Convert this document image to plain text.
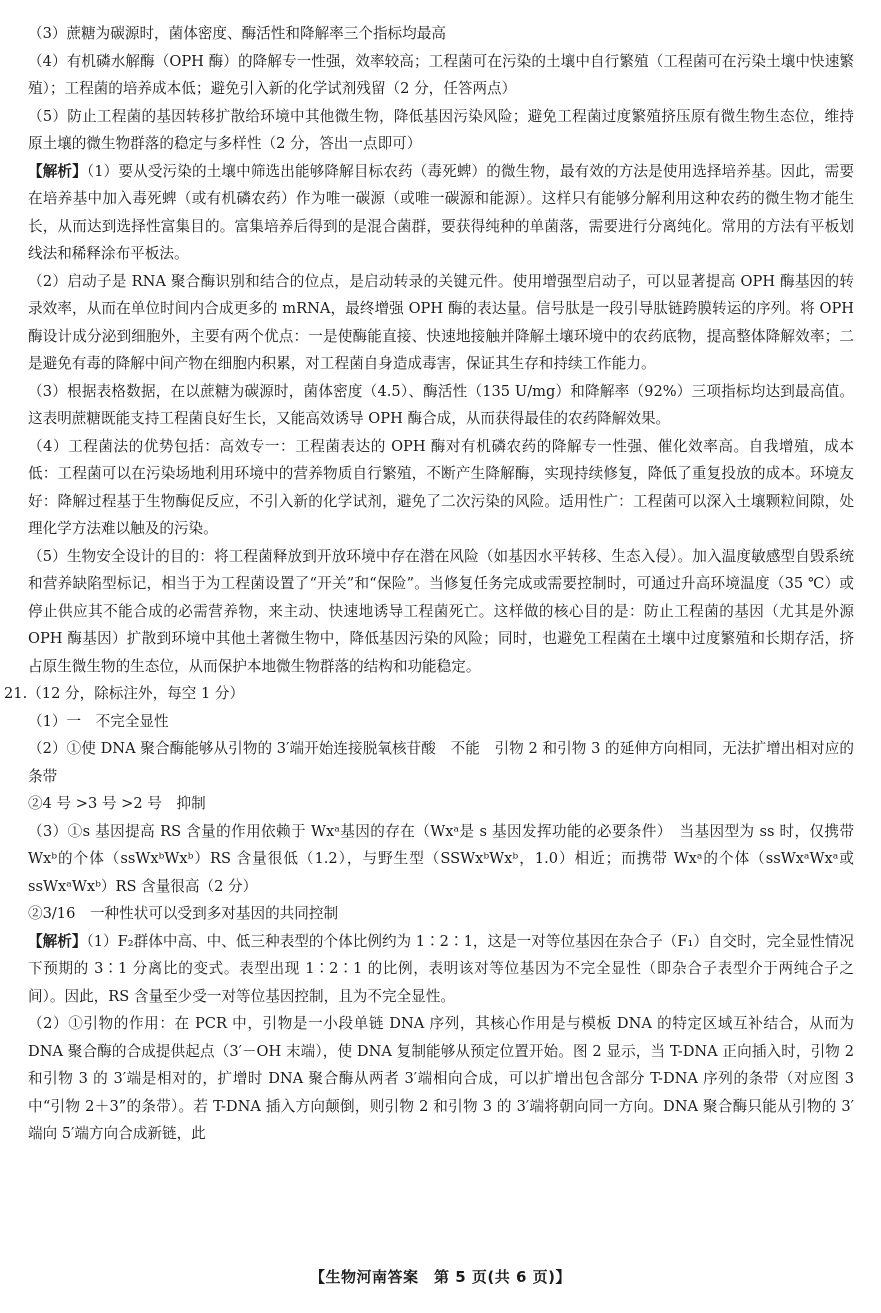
（3）蔗糖为碳源时，菌体密度、酶活性和降解率三个指标均最高

（4）有机磷水解酶（OPH 酶）的降解专一性强，效率较高；工程菌可在污染的土壤中自行繁殖（工程菌可在污染土壤中快速繁殖）；工程菌的培养成本低；避免引入新的化学试剂残留（2 分，任答两点）

（5）防止工程菌的基因转移扩散给环境中其他微生物，降低基因污染风险；避免工程菌过度繁殖挤压原有微生物生态位，维持原土壤的微生物群落的稳定与多样性（2 分，答出一点即可）

【解析】（1）要从受污染的土壤中筛选出能够降解目标农药（毒死蜱）的微生物，最有效的方法是使用选择培养基。因此，需要在培养基中加入毒死蜱（或有机磷农药）作为唯一碳源（或唯一碳源和能源）。这样只有能够分解利用这种农药的微生物才能生长，从而达到选择性富集目的。富集培养后得到的是混合菌群，要获得纯种的单菌落，需要进行分离纯化。常用的方法有平板划线法和稀释涂布平板法。

（2）启动子是 RNA 聚合酶识别和结合的位点，是启动转录的关键元件。使用增强型启动子，可以显著提高 OPH 酶基因的转录效率，从而在单位时间内合成更多的 mRNA，最终增强 OPH 酶的表达量。信号肽是一段引导肽链跨膜转运的序列。将 OPH 酶设计成分泌到细胞外，主要有两个优点：一是使酶能直接、快速地接触并降解土壤环境中的农药底物，提高整体降解效率；二是避免有毒的降解中间产物在细胞内积累，对工程菌自身造成毒害，保证其生存和持续工作能力。

（3）根据表格数据，在以蔗糖为碳源时，菌体密度（4.5）、酶活性（135 U/mg）和降解率（92%）三项指标均达到最高值。这表明蔗糖既能支持工程菌良好生长，又能高效诱导 OPH 酶合成，从而获得最佳的农药降解效果。

（4）工程菌法的优势包括：高效专一：工程菌表达的 OPH 酶对有机磷农药的降解专一性强、催化效率高。自我增殖，成本低：工程菌可以在污染场地利用环境中的营养物质自行繁殖，不断产生降解酶，实现持续修复，降低了重复投放的成本。环境友好：降解过程基于生物酶促反应，不引入新的化学试剂，避免了二次污染的风险。适用性广：工程菌可以深入土壤颗粒间隙，处理化学方法难以触及的污染。

（5）生物安全设计的目的：将工程菌释放到开放环境中存在潜在风险（如基因水平转移、生态入侵）。加入温度敏感型自毁系统和营养缺陷型标记，相当于为工程菌设置了“开关”和“保险”。当修复任务完成或需要控制时，可通过升高环境温度（35 ℃）或停止供应其不能合成的必需营养物，来主动、快速地诱导工程菌死亡。这样做的核心目的是：防止工程菌的基因（尤其是外源 OPH 酶基因）扩散到环境中其他土著微生物中，降低基因污染的风险；同时，也避免工程菌在土壤中过度繁殖和长期存活，挤占原生微生物的生态位，从而保护本地微生物群落的结构和功能稳定。

21.（12 分，除标注外，每空 1 分）

（1）一　不完全显性

（2）①使 DNA 聚合酶能够从引物的 3′端开始连接脱氧核苷酸　不能　引物 2 和引物 3 的延伸方向相同，无法扩增出相对应的条带

②4 号 >3 号 >2 号　抑制

（3）①s 基因提高 RS 含量的作用依赖于 Wxᵃ基因的存在（Wxᵃ是 s 基因发挥功能的必要条件）　当基因型为 ss 时，仅携带 Wxᵇ的个体（ssWxᵇWxᵇ）RS 含量很低（1.2），与野生型（SSWxᵇWxᵇ，1.0）相近；而携带 Wxᵃ的个体（ssWxᵃWxᵃ或 ssWxᵃWxᵇ）RS 含量很高（2 分）

②3/16　一种性状可以受到多对基因的共同控制

【解析】（1）F₂群体中高、中、低三种表型的个体比例约为 1∶2∶1，这是一对等位基因在杂合子（F₁）自交时，完全显性情况下预期的 3∶1 分离比的变式。表型出现 1∶2∶1 的比例，表明该对等位基因为不完全显性（即杂合子表型介于两纯合子之间）。因此，RS 含量至少受一对等位基因控制，且为不完全显性。

（2）①引物的作用：在 PCR 中，引物是一小段单链 DNA 序列，其核心作用是与模板 DNA 的特定区域互补结合，从而为 DNA 聚合酶的合成提供起点（3′－OH 末端），使 DNA 复制能够从预定位置开始。图 2 显示，当 T-DNA 正向插入时，引物 2 和引物 3 的 3′端是相对的，扩增时 DNA 聚合酶从两者 3′端相向合成，可以扩增出包含部分 T-DNA 序列的条带（对应图 3 中“引物 2＋3”的条带）。若 T-DNA 插入方向颠倒，则引物 2 和引物 3 的 3′端将朝向同一方向。DNA 聚合酶只能从引物的 3′端向 5′端方向合成新链，此

【生物河南答案　第 5 页(共 6 页)】
